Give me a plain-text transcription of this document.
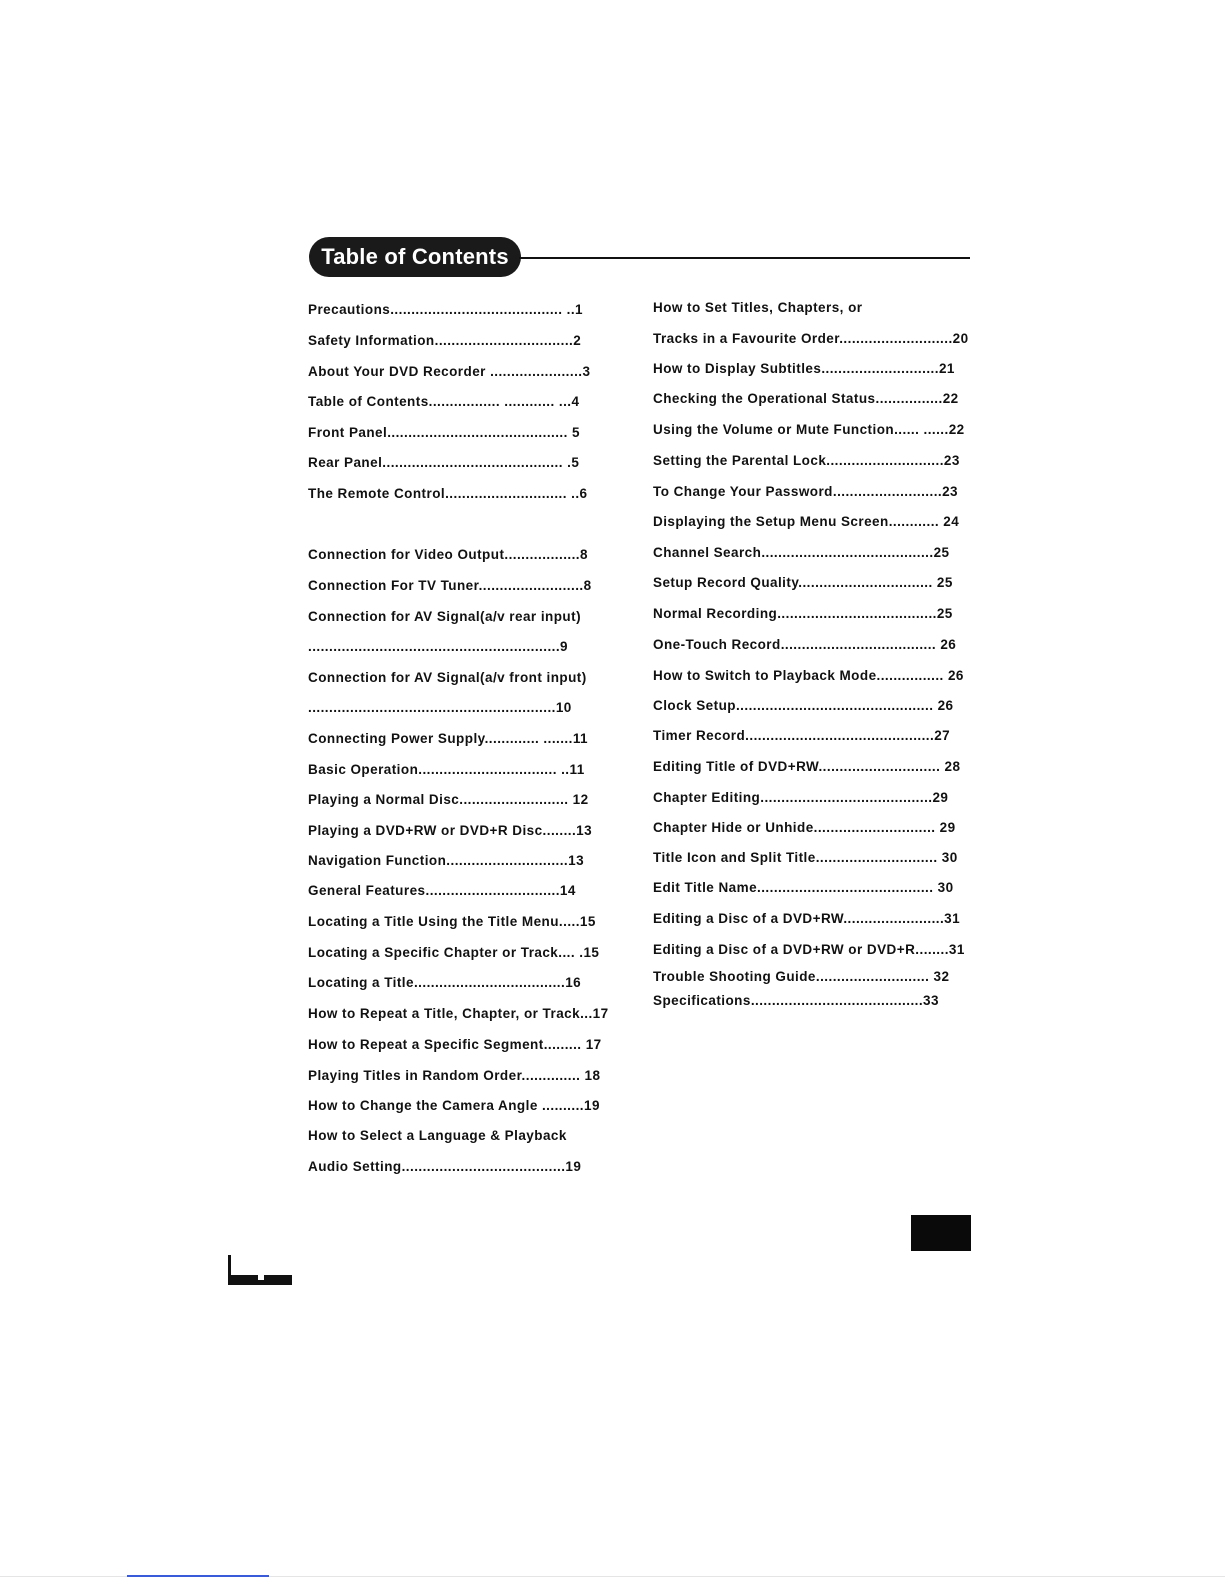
Table of Contents
Precautions......................................... ..1
Safety Information.................................2
About Your DVD Recorder ......................3
Table of Contents................. ............ ...4
Front Panel........................................... 5
Rear Panel........................................... .5
The Remote Control............................. ..6
Connection for Video Output..................8
Connection For TV Tuner.........................8
Connection for AV Signal(a/v rear input)
............................................................9
Connection for AV Signal(a/v front input)
...........................................................10
Connecting Power Supply............. .......11
Basic Operation................................. ..11
Playing a Normal Disc.......................... 12
Playing a DVD+RW or DVD+R Disc........13
Navigation Function.............................13
General Features................................14
Locating a Title Using the Title Menu.....15
Locating a Specific Chapter or Track.... .15
Locating a Title....................................16
How to Repeat a Title, Chapter, or Track...17
How to Repeat a Specific Segment......... 17
Playing Titles in Random Order.............. 18
How to Change the Camera Angle ..........19
How to Select a Language & Playback
Audio Setting.......................................19
How to Set Titles, Chapters, or
Tracks in a Favourite Order...........................20
How to Display Subtitles............................21
Checking the Operational Status................22
Using the Volume or Mute Function...... ......22
Setting the Parental Lock............................23
To Change Your Password..........................23
Displaying the Setup Menu Screen............ 24
Channel Search.........................................25
Setup Record Quality................................ 25
Normal Recording......................................25
One-Touch Record..................................... 26
How to Switch to Playback Mode................ 26
Clock Setup............................................... 26
Timer Record.............................................27
Editing Title of DVD+RW............................. 28
Chapter Editing.........................................29
Chapter Hide or Unhide............................. 29
Title Icon and Split Title............................. 30
Edit Title Name.......................................... 30
Editing a Disc of a DVD+RW........................31
Editing a Disc of a DVD+RW or DVD+R........31
Trouble Shooting Guide........................... 32
Specifications.........................................33
